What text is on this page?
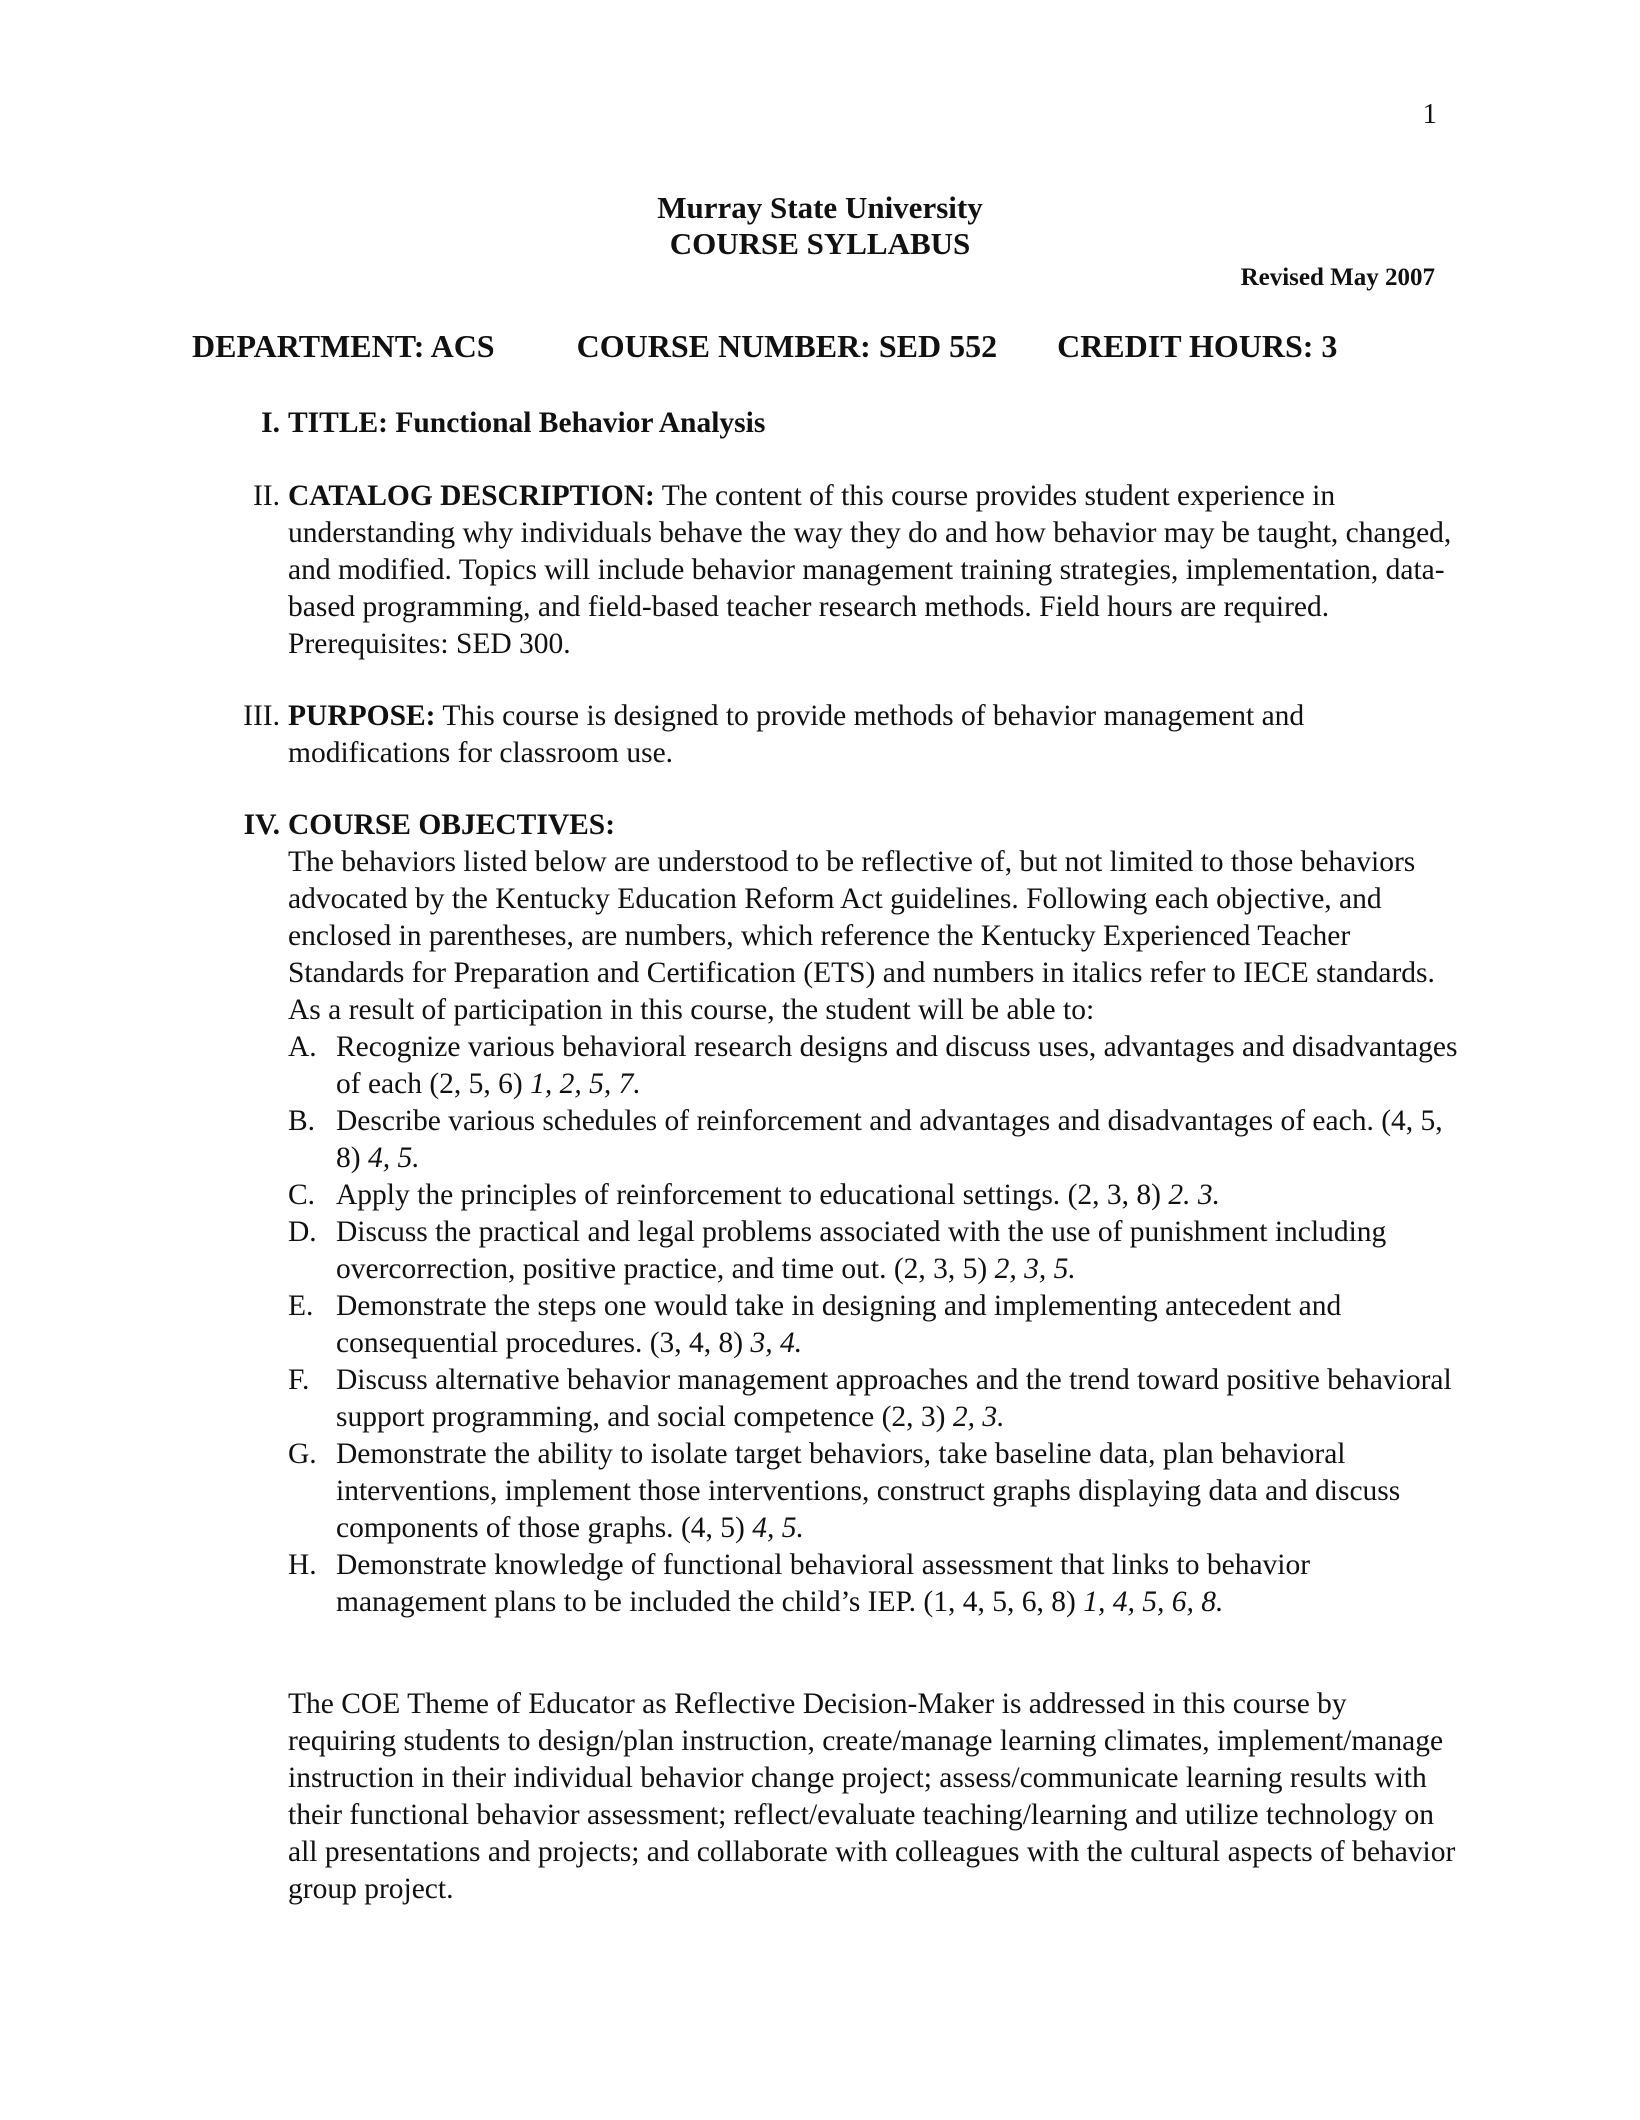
1
Murray State University
COURSE SYLLABUS
Revised May 2007
DEPARTMENT: ACS	COURSE NUMBER: SED 552 CREDIT HOURS: 3
I. TITLE: Functional Behavior Analysis
II. CATALOG DESCRIPTION: The content of this course provides student experience in understanding why individuals behave the way they do and how behavior may be taught, changed, and modified. Topics will include behavior management training strategies, implementation, data-based programming, and field-based teacher research methods. Field hours are required. Prerequisites: SED 300.
III. PURPOSE: This course is designed to provide methods of behavior management and modifications for classroom use.
IV. COURSE OBJECTIVES:
The behaviors listed below are understood to be reflective of, but not limited to those behaviors advocated by the Kentucky Education Reform Act guidelines. Following each objective, and enclosed in parentheses, are numbers, which reference the Kentucky Experienced Teacher Standards for Preparation and Certification (ETS) and numbers in italics refer to IECE standards. As a result of participation in this course, the student will be able to:
A. Recognize various behavioral research designs and discuss uses, advantages and disadvantages of each (2, 5, 6) 1, 2, 5, 7.
B. Describe various schedules of reinforcement and advantages and disadvantages of each. (4, 5, 8) 4, 5.
C. Apply the principles of reinforcement to educational settings. (2, 3, 8) 2. 3.
D. Discuss the practical and legal problems associated with the use of punishment including overcorrection, positive practice, and time out. (2, 3, 5) 2, 3, 5.
E. Demonstrate the steps one would take in designing and implementing antecedent and consequential procedures. (3, 4, 8) 3, 4.
F. Discuss alternative behavior management approaches and the trend toward positive behavioral support programming, and social competence (2, 3) 2, 3.
G. Demonstrate the ability to isolate target behaviors, take baseline data, plan behavioral interventions, implement those interventions, construct graphs displaying data and discuss components of those graphs. (4, 5) 4, 5.
H. Demonstrate knowledge of functional behavioral assessment that links to behavior management plans to be included the child’s IEP. (1, 4, 5, 6, 8) 1, 4, 5, 6, 8.
The COE Theme of Educator as Reflective Decision-Maker is addressed in this course by requiring students to design/plan instruction, create/manage learning climates, implement/manage instruction in their individual behavior change project; assess/communicate learning results with their functional behavior assessment; reflect/evaluate teaching/learning and utilize technology on all presentations and projects; and collaborate with colleagues with the cultural aspects of behavior group project.
